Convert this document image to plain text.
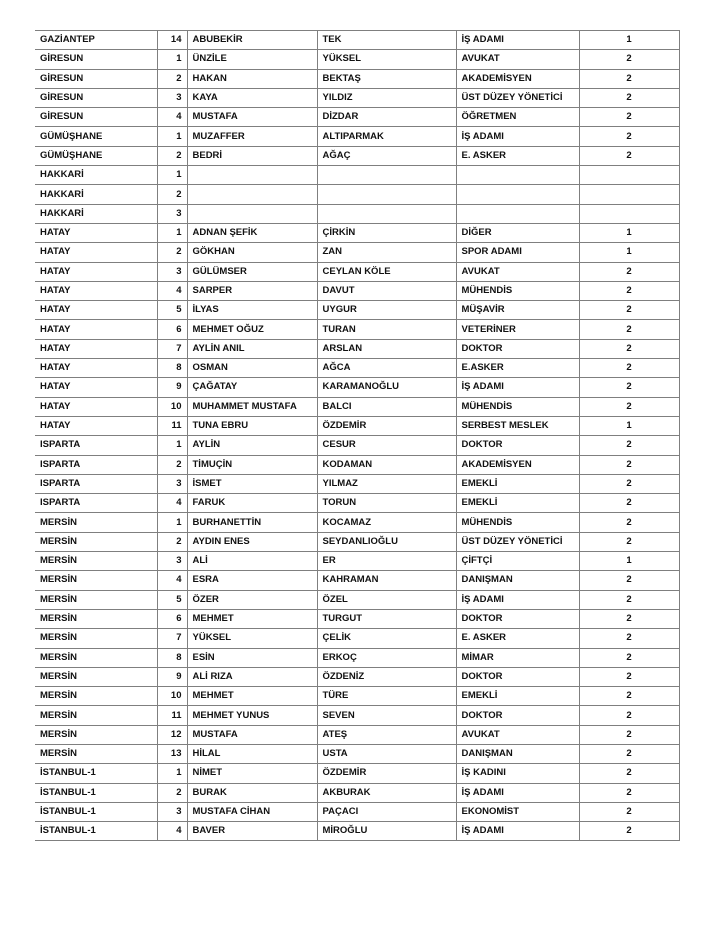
GAZİANTEP	14	ABUBEKİR	TEK	İŞ ADAMI	1
GİRESUN	1	ÜNZİLE	YÜKSEL	AVUKAT	2
GİRESUN	2	HAKAN	BEKTAŞ	AKADEMİSYEN	2
GİRESUN	3	KAYA	YILDIZ	ÜST DÜZEY YÖNETİCİ	2
GİRESUN	4	MUSTAFA	DİZDAR	ÖĞRETMEN	2
GÜMÜŞHANE	1	MUZAFFER	ALTIPARMAK	İŞ ADAMI	2
GÜMÜŞHANE	2	BEDRİ	AĞAÇ	E. ASKER	2
HAKKARİ	1				
HAKKARİ	2				
HAKKARİ	3				
HATAY	1	ADNAN ŞEFİK	ÇİRKİN	DİĞER	1
HATAY	2	GÖKHAN	ZAN	SPOR ADAMI	1
HATAY	3	GÜLÜMSER	CEYLAN KÖLE	AVUKAT	2
HATAY	4	SARPER	DAVUT	MÜHENDİS	2
HATAY	5	İLYAS	UYGUR	MÜŞAVİR	2
HATAY	6	MEHMET OĞUZ	TURAN	VETERİNER	2
HATAY	7	AYLİN ANIL	ARSLAN	DOKTOR	2
HATAY	8	OSMAN	AĞCA	E.ASKER	2
HATAY	9	ÇAĞATAY	KARAMANOĞLU	İŞ ADAMI	2
HATAY	10	MUHAMMET MUSTAFA	BALCI	MÜHENDİS	2
HATAY	11	TUNA EBRU	ÖZDEMİR	SERBEST MESLEK	1
ISPARTA	1	AYLİN	CESUR	DOKTOR	2
ISPARTA	2	TİMUÇİN	KODAMAN	AKADEMİSYEN	2
ISPARTA	3	İSMET	YILMAZ	EMEKLİ	2
ISPARTA	4	FARUK	TORUN	EMEKLİ	2
MERSİN	1	BURHANETTİN	KOCAMAZ	MÜHENDİS	2
MERSİN	2	AYDIN ENES	SEYDANLIOĞLU	ÜST DÜZEY YÖNETİCİ	2
MERSİN	3	ALİ	ER	ÇİFTÇİ	1
MERSİN	4	ESRA	KAHRAMAN	DANIŞMAN	2
MERSİN	5	ÖZER	ÖZEL	İŞ ADAMI	2
MERSİN	6	MEHMET	TURGUT	DOKTOR	2
MERSİN	7	YÜKSEL	ÇELİK	E. ASKER	2
MERSİN	8	ESİN	ERKOÇ	MİMAR	2
MERSİN	9	ALİ RIZA	ÖZDENİZ	DOKTOR	2
MERSİN	10	MEHMET	TÜRE	EMEKLİ	2
MERSİN	11	MEHMET YUNUS	SEVEN	DOKTOR	2
MERSİN	12	MUSTAFA	ATEŞ	AVUKAT	2
MERSİN	13	HİLAL	USTA	DANIŞMAN	2
İSTANBUL-1	1	NİMET	ÖZDEMİR	İŞ KADINI	2
İSTANBUL-1	2	BURAK	AKBURAK	İŞ ADAMI	2
İSTANBUL-1	3	MUSTAFA CİHAN	PAÇACI	EKONOMİST	2
İSTANBUL-1	4	BAVER	MİROĞLU	İŞ ADAMI	2
